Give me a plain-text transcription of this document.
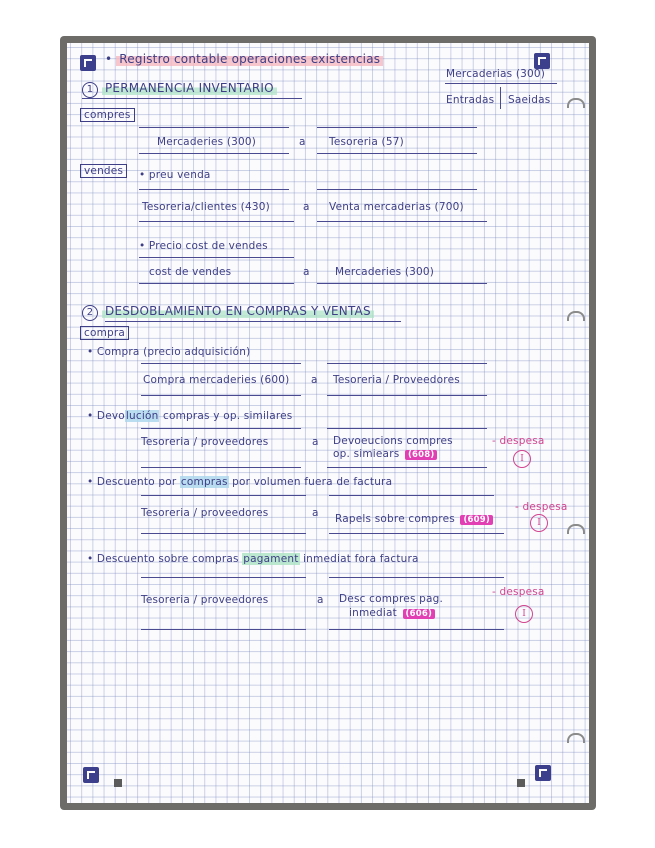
• Registro contable operaciones existencias
Mercaderias (300)
Entradas Saeidas
1 PERMANENCIA INVENTARIO
compres
Mercaderies (300)	a Tesoreria (57)
vendes	• preu venda
Tesoreria/clientes (430)	a Venta mercaderias (700)
• Precio cost de vendes
cost de vendes	a Mercaderies (300)
2 DESDOBLAMIENTO EN COMPRAS Y VENTAS
compra
• Compra (precio adquisición)
Compra mercaderies (600) a Tesoreria / Proveedores
• Devolución compras y op. similares
Tesoreria / proveedores	a Devoeucions compres
op. simiears (608)
- despesa
I
• Descuento por compras por volumen fuera de factura
Tesoreria / proveedores	a Rapels sobre compres (609)
- despesa
I
• Descuento sobre compras pagament inmediat fora factura
Tesoreria / proveedores	a Desc compres pag.
inmediat (606)
- despesa
I
